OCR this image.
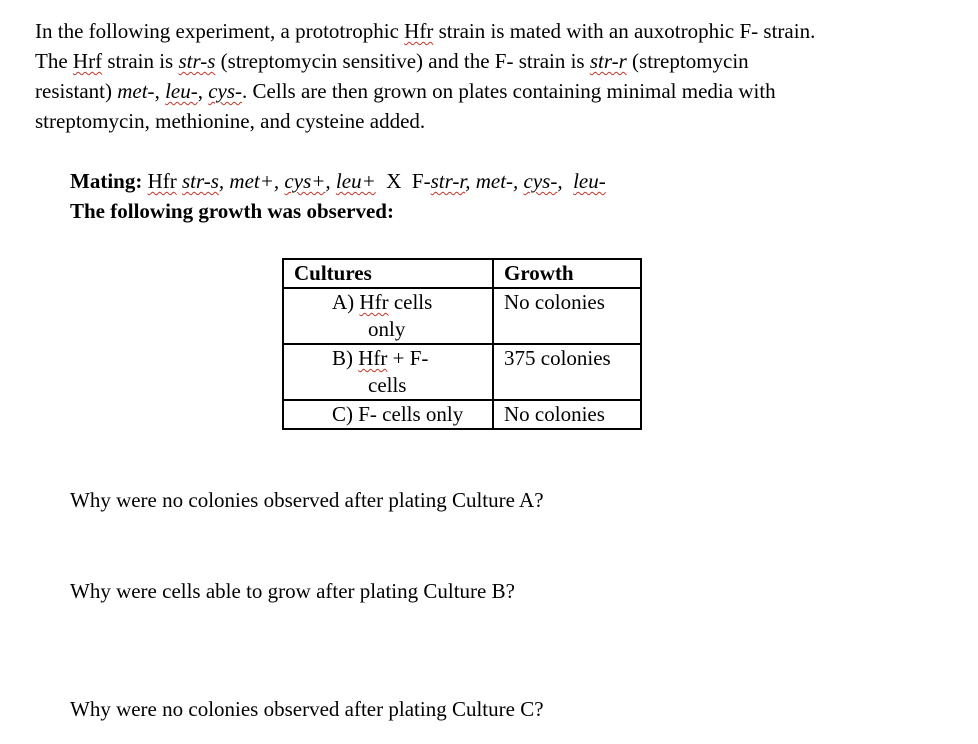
In the following experiment, a prototrophic Hfr strain is mated with an auxotrophic F- strain.
The Hrf strain is str-s (streptomycin sensitive) and the F- strain is str-r (streptomycin
resistant) met-, leu-, cys-. Cells are then grown on plates containing minimal media with
streptomycin, methionine, and cysteine added.
Mating: Hfr str-s, met+, cys+, leu+  X  F-str-r, met-, cys-,  leu-
The following growth was observed:
Cultures	Growth

A) Hfr cells
only	No colonies

B) Hfr + F-
cells	375 colonies

C) F- cells only	No colonies
Why were no colonies observed after plating Culture A?
Why were cells able to grow after plating Culture B?
Why were no colonies observed after plating Culture C?
